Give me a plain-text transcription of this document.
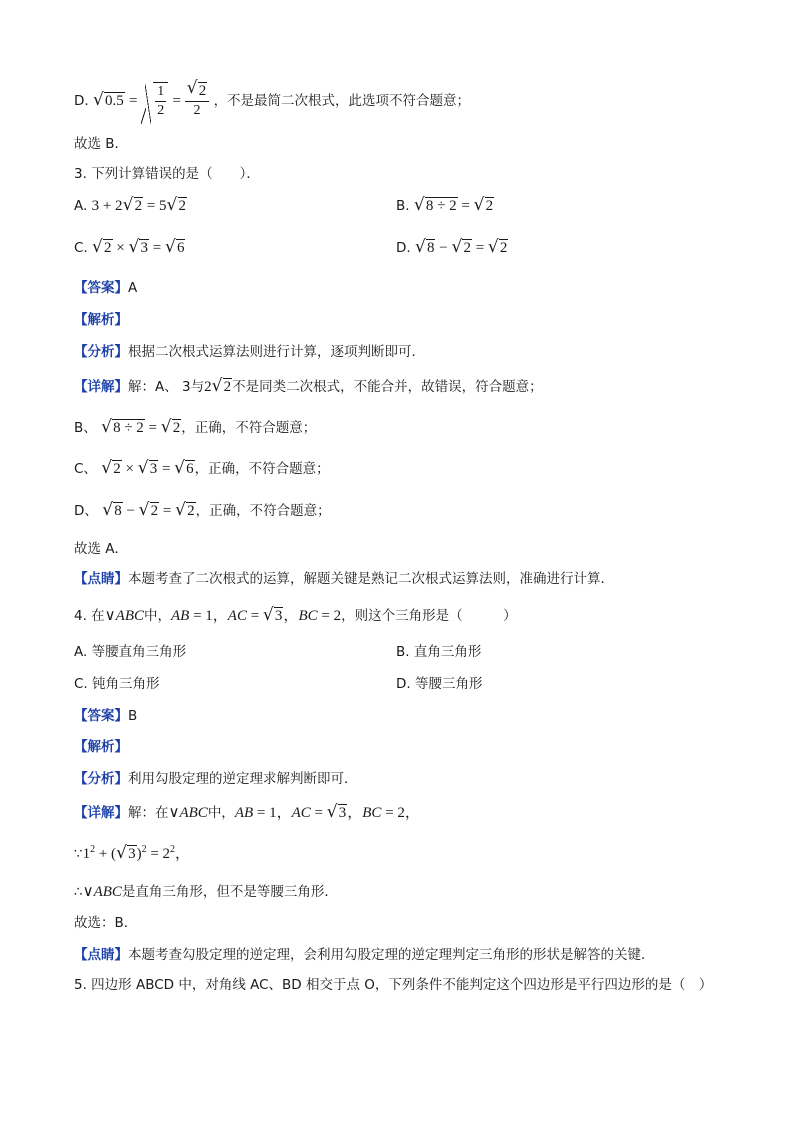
D. √ $0.5 = \frac{1}{2}$ = √ $\frac{2}{2}$ ，不是最简二次根式，此选项不符合题意；
故选 B．
3. 下列计算错误的是（　　）．
A. 3 + 2 √ 2 = 5 √ 2	B. √ 8 ÷ 2 = √ 2
C. √ 2 × √ 3 = √ 6	D. √ 8 − √ 2 = √ 2
【答案】A
【解析】
【分析】根据二次根式运算法则进行计算，逐项判断即可．
【详解】解：A、 3与2 √ 2不是同类二次根式，不能合并，故错误，符合题意；
B、 √ 8 ÷ 2 = √ 2，正确，不符合题意；
C、 √ 2 × √ 3 = √ 6，正确，不符合题意；
D、 √ 8 − √ 2 = √ 2，正确，不符合题意；
故选 A．
【点睛】本题考查了二次根式的运算，解题关键是熟记二次根式运算法则，准确进行计算．
4. 在∨ABC中，AB = 1，AC = √ 3，BC = 2，则这个三角形是（　　　）
A. 等腰直角三角形	B. 直角三角形
C. 钝角三角形	D. 等腰三角形
【答案】B
【解析】
【分析】利用勾股定理的逆定理求解判断即可．
【详解】解：在∨ABC中，AB = 1，AC = √ 3，BC = 2，
$\because 1^2$ + ( √ $3)^2 = 2^2$，
∴∨ABC是直角三角形，但不是等腰三角形．
故选：B．
【点睛】本题考查勾股定理的逆定理，会利用勾股定理的逆定理判定三角形的形状是解答的关键．
5. 四边形 ABCD 中，对角线 AC、BD 相交于点 O，下列条件不能判定这个四边形是平行四边形的是（　）
